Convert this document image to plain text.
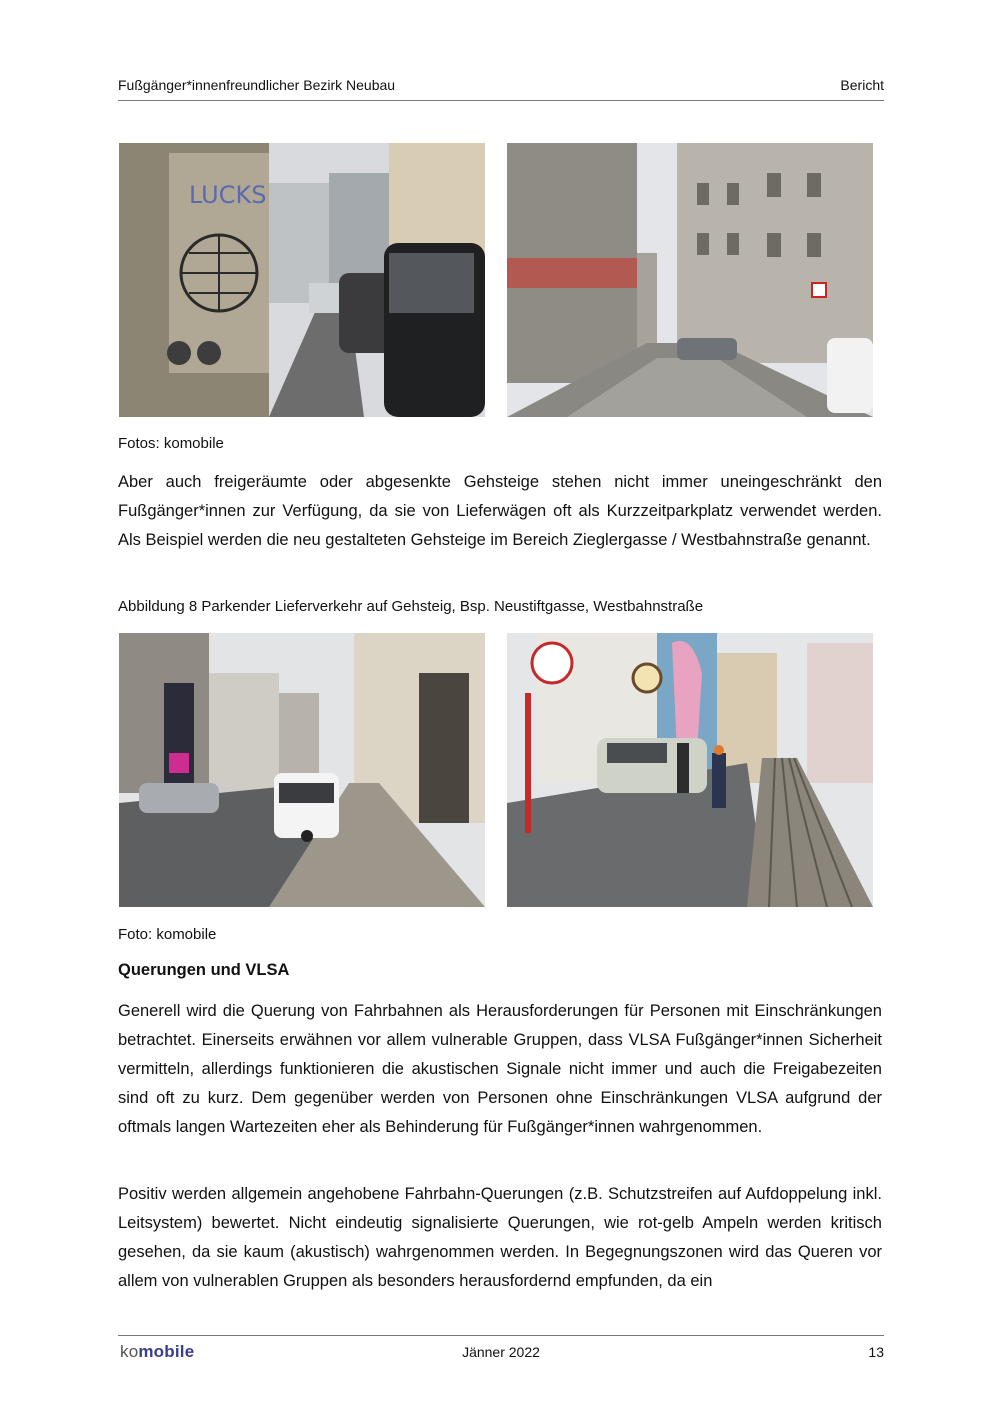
Fußgänger*innenfreundlicher Bezirk Neubau	Bericht
LUCKS
Fotos: komobile

Aber auch freigeräumte oder abgesenkte Gehsteige stehen nicht immer uneingeschränkt den Fußgänger*innen zur Verfügung, da sie von Lieferwägen oft als Kurzzeitparkplatz verwendet werden. Als Beispiel werden die neu gestalteten Gehsteige im Bereich Zieglergasse / Westbahnstraße genannt.

Abbildung 8 Parkender Lieferverkehr auf Gehsteig, Bsp. Neustiftgasse, Westbahnstraße
Foto: komobile
Querungen und VLSA

Generell wird die Querung von Fahrbahnen als Herausforderungen für Personen mit Einschränkungen betrachtet. Einerseits erwähnen vor allem vulnerable Gruppen, dass VLSA Fußgänger*innen Sicherheit vermitteln, allerdings funktionieren die akustischen Signale nicht immer und auch die Freigabezeiten sind oft zu kurz. Dem gegenüber werden von Personen ohne Einschränkungen VLSA aufgrund der oftmals langen Wartezeiten eher als Behinderung für Fußgänger*innen wahrgenommen.

Positiv werden allgemein angehobene Fahrbahn-Querungen (z.B. Schutzstreifen auf Aufdoppelung inkl. Leitsystem) bewertet. Nicht eindeutig signalisierte Querungen, wie rot-gelb Ampeln werden kritisch gesehen, da sie kaum (akustisch) wahrgenommen werden. In Begegnungszonen wird das Queren vor allem von vulnerablen Gruppen als besonders herausfordernd empfunden, da ein

komobile	Jänner 2022	13
